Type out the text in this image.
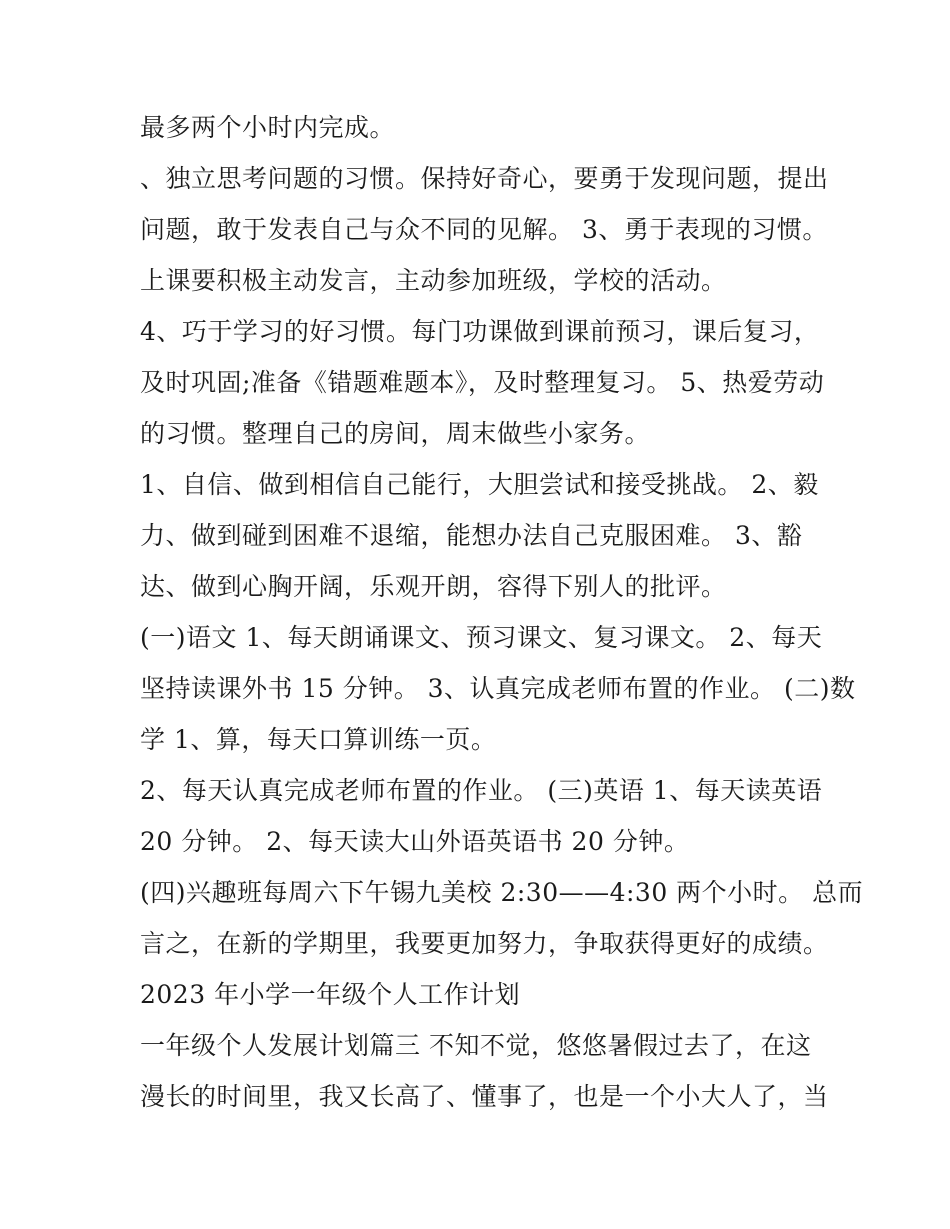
最多两个小时内完成。
、独立思考问题的习惯。保持好奇心，要勇于发现问题，提出
问题，敢于发表自己与众不同的见解。 3、勇于表现的习惯。
上课要积极主动发言，主动参加班级，学校的活动。
4、巧于学习的好习惯。每门功课做到课前预习，课后复习，
及时巩固;准备《错题难题本》，及时整理复习。 5、热爱劳动
的习惯。整理自己的房间，周末做些小家务。
1、自信、做到相信自己能行，大胆尝试和接受挑战。 2、毅
力、做到碰到困难不退缩，能想办法自己克服困难。 3、豁
达、做到心胸开阔，乐观开朗，容得下别人的批评。
(一)语文 1、每天朗诵课文、预习课文、复习课文。 2、每天
坚持读课外书 15 分钟。 3、认真完成老师布置的作业。 (二)数
学 1、算，每天口算训练一页。
2、每天认真完成老师布置的作业。 (三)英语 1、每天读英语
20 分钟。 2、每天读大山外语英语书 20 分钟。
(四)兴趣班每周六下午锡九美校 2:30——4:30 两个小时。 总而
言之，在新的学期里，我要更加努力，争取获得更好的成绩。
2023 年小学一年级个人工作计划
一年级个人发展计划篇三 不知不觉，悠悠暑假过去了，在这
漫长的时间里，我又长高了、懂事了，也是一个小大人了，当
